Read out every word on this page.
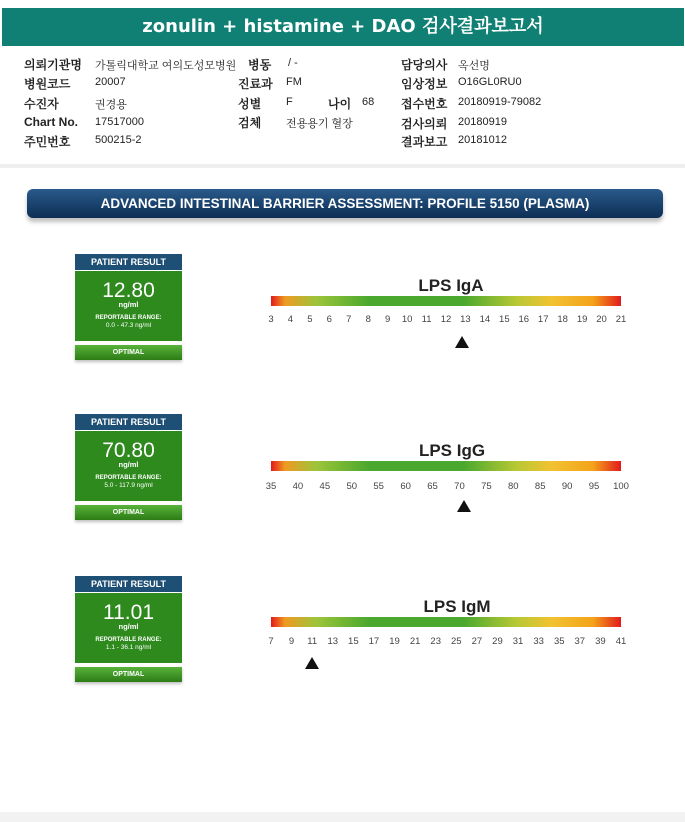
zonulin + histamine + DAO 검사결과보고서
의뢰기관명 가톨릭대학교 여의도성모병원
병원코드 20007
수진자	권경용
Chart No. 17517000
주민번호 500215-2
병동 / -
진료과 FM
성별 F	나이 68
검체 전용용기 혈장
담당의사 옥선명
임상정보 O16GL0RU0
접수번호 20180919-79082
검사의뢰 20180919
결과보고 20181012
ADVANCED INTESTINAL BARRIER ASSESSMENT: PROFILE 5150 (PLASMA)
PATIENT RESULT
12.80
ng/ml
REPORTABLE RANGE:
0.0 - 47.3 ng/ml
OPTIMAL
LPS IgA
3 4 5 6 7 8 9 10 11 12 13 14 15 16 17 18 19 20 21
PATIENT RESULT
70.80
ng/ml
REPORTABLE RANGE:
5.0 - 117.9 ng/ml
OPTIMAL
LPS IgG
35 40 45 50 55 60 65 70 75 80 85 90 95 100
PATIENT RESULT
11.01
ng/ml
REPORTABLE RANGE:
1.1 - 36.1 ng/ml
OPTIMAL
LPS IgM
7 9 11 13 15 17 19 21 23 25 27 29 31 33 35 37 39 41
